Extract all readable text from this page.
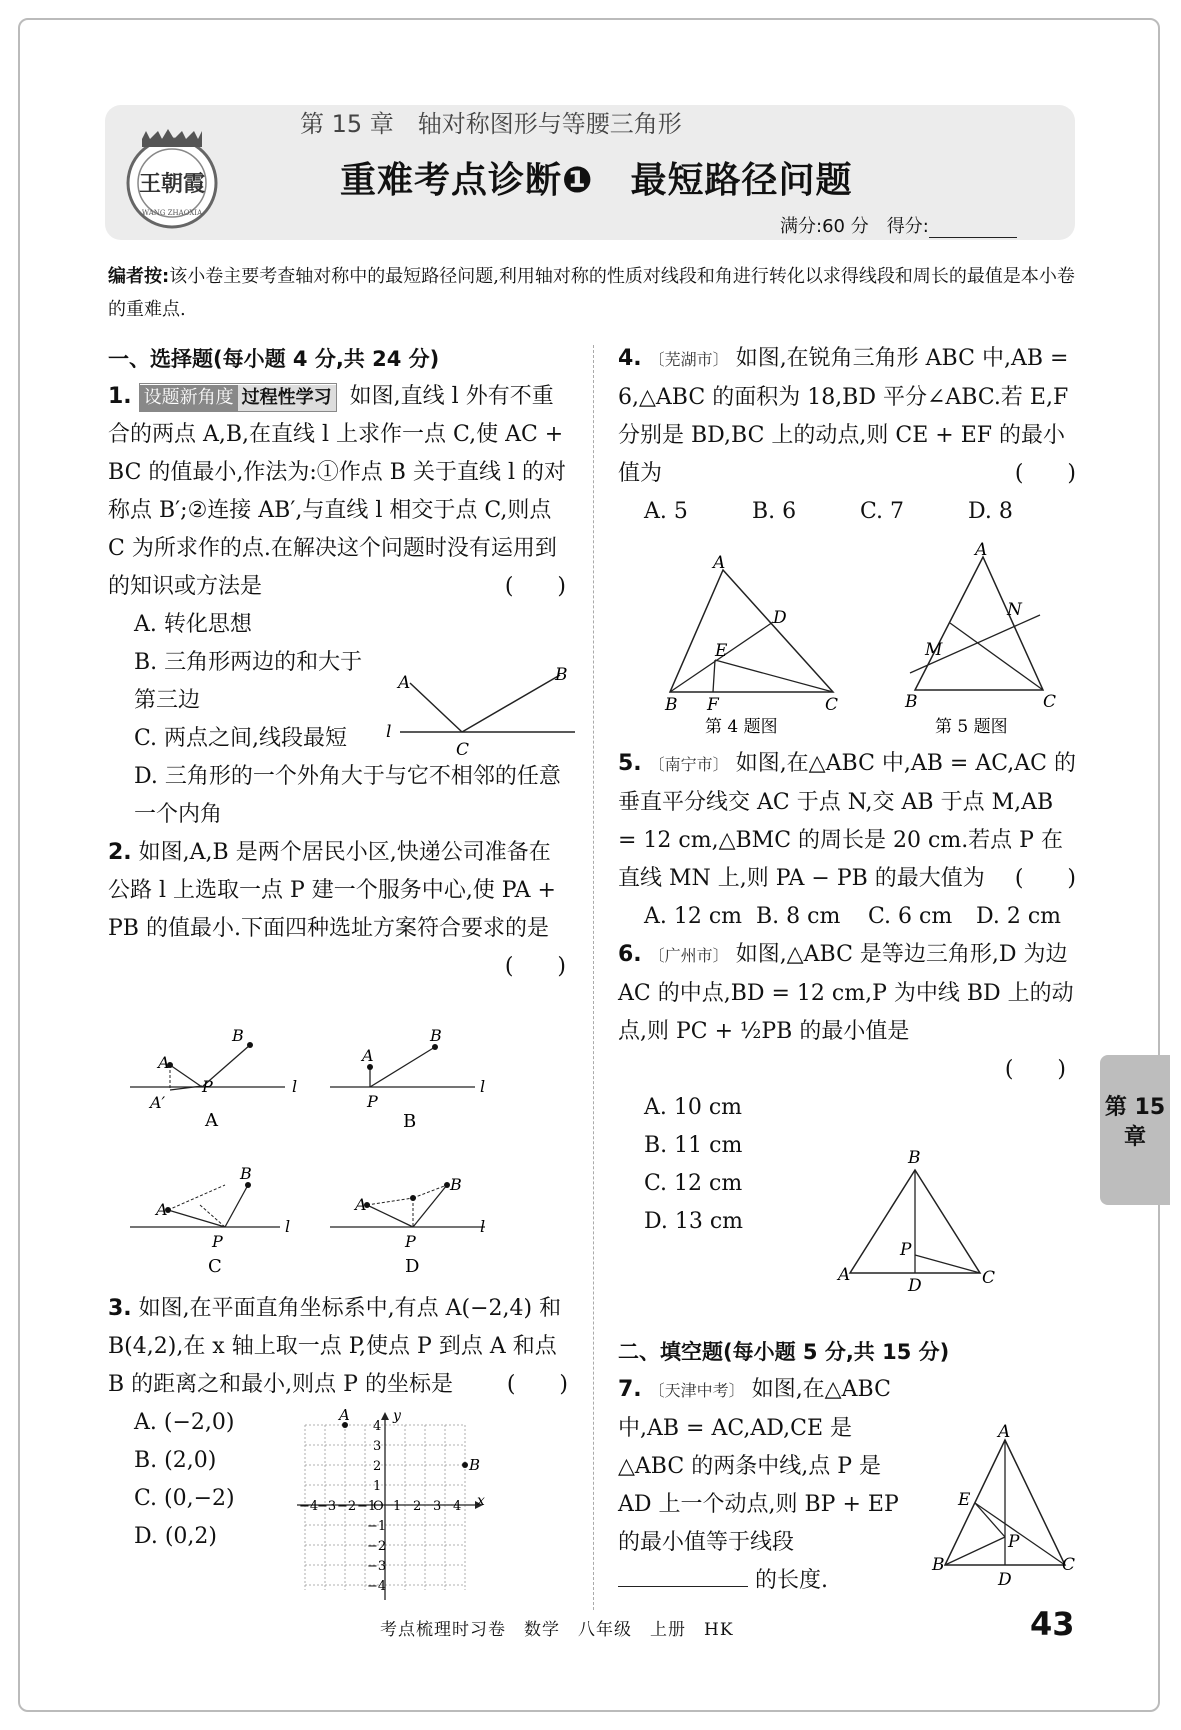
王朝霞
WANG ZHAOXIA
第 15 章　轴对称图形与等腰三角形
重难考点诊断❶　最短路径问题
满分:60 分　得分:
编者按:该小卷主要考查轴对称中的最短路径问题,利用轴对称的性质对线段和角进行转化以求得线段和周长的最值是本小卷的重难点.
一、选择题(每小题 4 分,共 24 分)
1. 设题新角度 过程性学习 如图,直线 l 外有不重合的两点 A,B,在直线 l 上求作一点 C,使 AC + BC 的值最小,作法为:①作点 B 关于直线 l 的对称点 B′;②连接 AB′,与直线 l 相交于点 C,则点 C 为所求作的点.在解决这个问题时没有运用到的知识或方法是	(　　)
A. 转化思想
B. 三角形两边的和大于第三边
C. 两点之间,线段最短
D. 三角形的一个外角大于与它不相邻的任意一个内角
2. 如图,A,B 是两个居民小区,快递公司准备在公路 l 上选取一点 P 建一个服务中心,使 PA + PB 的值最小.下面四种选址方案符合要求的是
(　　)
A	B
l
C
B
A
l
A′
P
A
B
A
P
l
B
A
B
P
l
C
A
B
P
l
D
3. 如图,在平面直角坐标系中,有点 A(−2,4) 和 B(4,2),在 x 轴上取一点 P,使点 P 到点 A 和点 B 的距离之和最小,则点 P 的坐标是 (　　)
A. (−2,0)
B. (2,0)
C. (0,−2)
D. (0,2)
A
B
y
x
O
−4
−3 −2 −1 1 2 3 4
4
3
2
1
−1
−2
−3
−4
4. 〔芜湖市〕 如图,在锐角三角形 ABC 中,AB = 6,△ABC 的面积为 18,BD 平分∠ABC.若 E,F 分别是 BD,BC 上的动点,则 CE + EF 的最小值为	(　　)
A. 5	B. 6	C. 7	D. 8
A
D
E
B F	C
第 4 题图
A
N
M
B	C
第 5 题图
5. 〔南宁市〕 如图,在△ABC 中,AB = AC,AC 的垂直平分线交 AC 于点 N,交 AB 于点 M,AB = 12 cm,△BMC 的周长是 20 cm.若点 P 在直线 MN 上,则 PA − PB 的最大值为 (　　)
A. 12 cm B. 8 cm C. 6 cm D. 2 cm
6. 〔广州市〕 如图,△ABC 是等边三角形,D 为边 AC 的中点,BD = 12 cm,P 为中线 BD 上的动点,则 PC + ½PB 的最小值是
(　　)
A. 10 cm
B. 11 cm
C. 12 cm
D. 13 cm
B
P
A
D	C
二、填空题(每小题 5 分,共 15 分)
7. 〔天津中考〕 如图,在△ABC 中,AB = AC,AD,CE 是△ABC 的两条中线,点 P 是 AD 上一个动点,则 BP + EP 的最小值等于线段  的长度.
A
E
P
B
D
C
第 15 章
考点梳理时习卷　数学　八年级　上册　HK	43
